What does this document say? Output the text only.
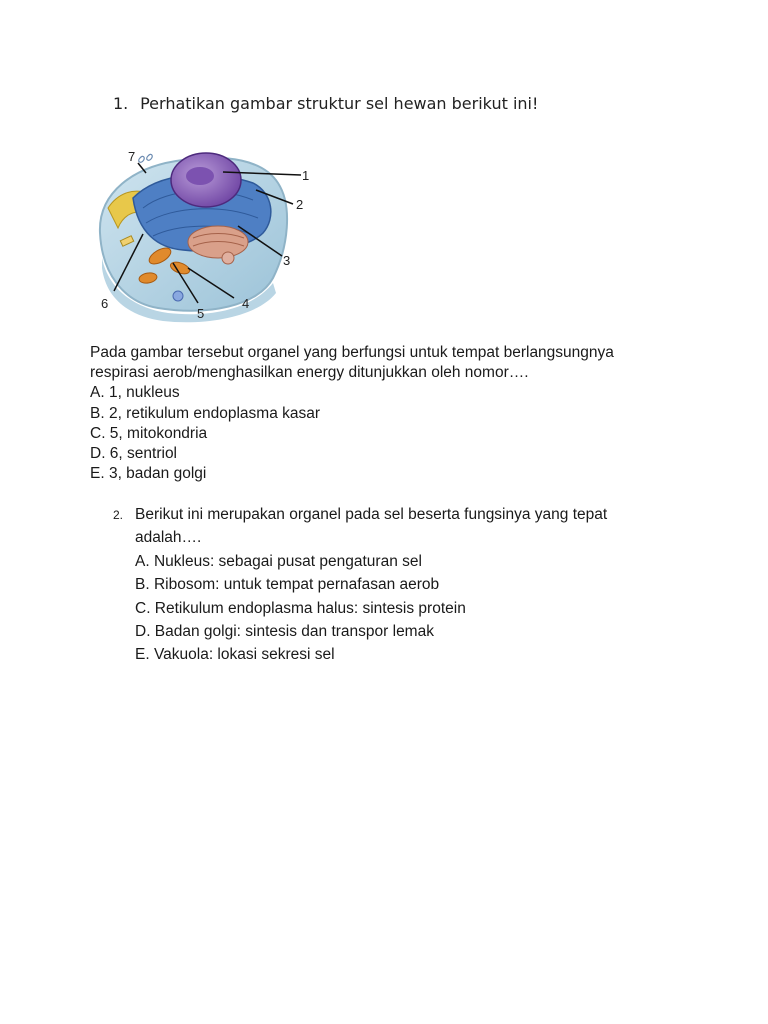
1. Perhatikan gambar struktur sel hewan berikut ini!
1
2
3
4
5
6
7
Pada gambar tersebut organel yang berfungsi untuk tempat berlangsungnya
respirasi aerob/menghasilkan energy ditunjukkan oleh nomor….
A. 1, nukleus
B. 2, retikulum endoplasma kasar
C. 5, mitokondria
D. 6, sentriol
E. 3, badan golgi
2. Berikut ini merupakan organel pada sel beserta fungsinya yang tepat
adalah….
A. Nukleus: sebagai pusat pengaturan sel
B. Ribosom: untuk tempat pernafasan aerob
C. Retikulum endoplasma halus: sintesis protein
D. Badan golgi: sintesis dan transpor lemak
E. Vakuola: lokasi sekresi sel
